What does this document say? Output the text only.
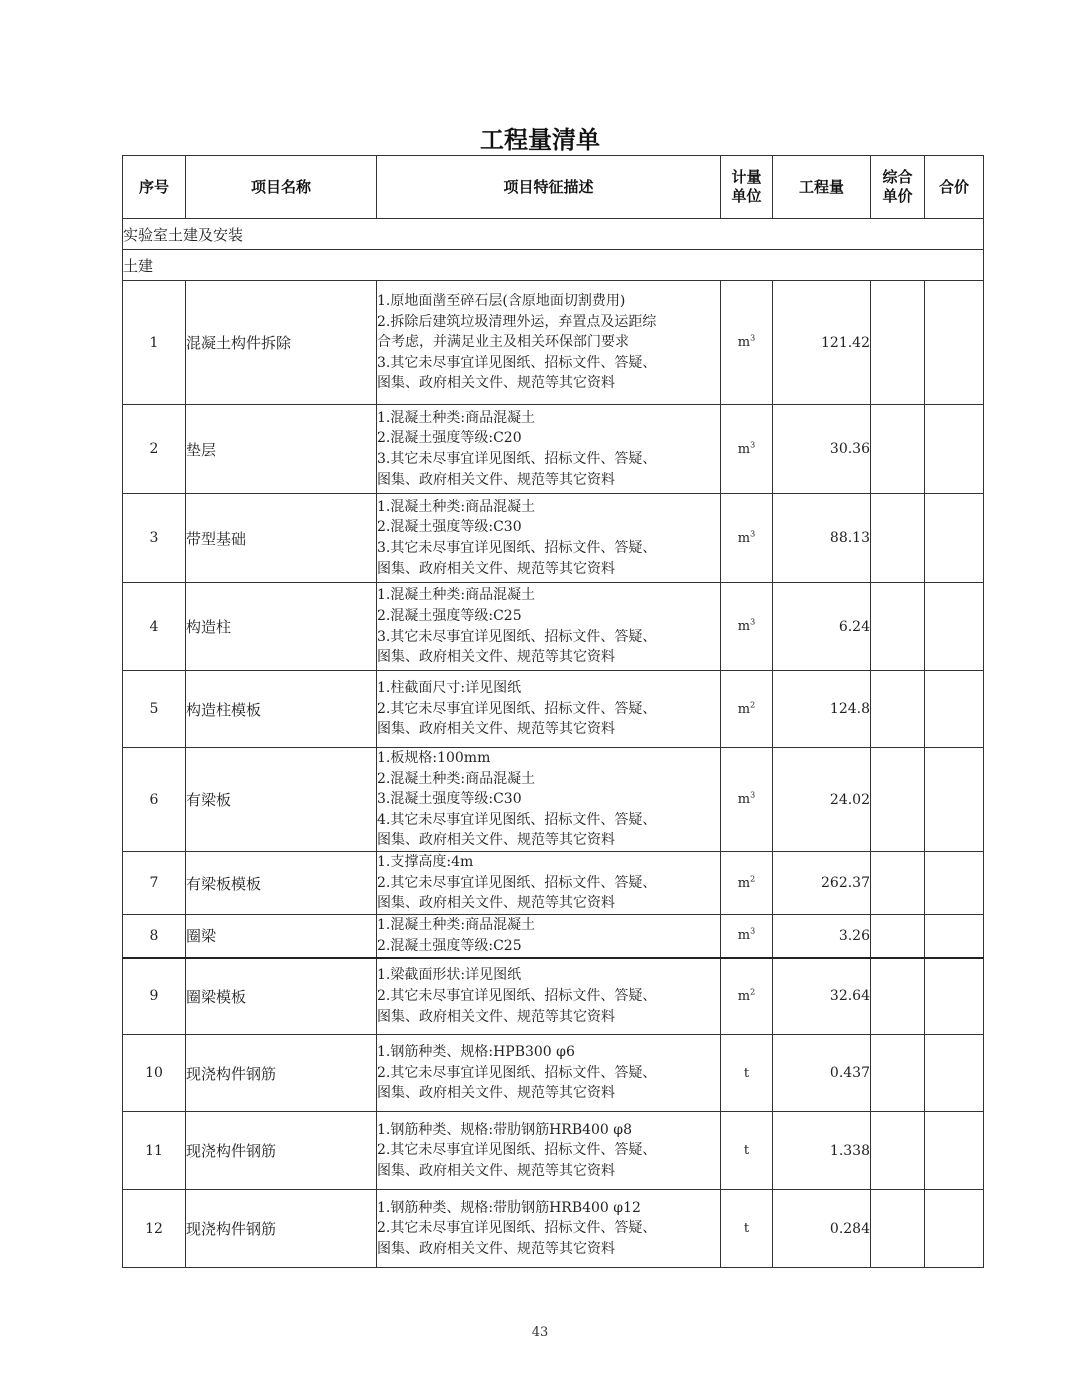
工程量清单
序号	项目名称	项目特征描述	计量
单位	工程量	综合
单价	合价
实验室土建及安装						
土建						
1	混凝土构件拆除	1.原地面凿至碎石层(含原地面切割费用)
2.拆除后建筑垃圾清理外运，弃置点及运距综
合考虑，并满足业主及相关环保部门要求
3.其它未尽事宜详见图纸、招标文件、答疑、
图集、政府相关文件、规范等其它资料	$m^3$	121.42		
2	垫层	1.混凝土种类:商品混凝土
2.混凝土强度等级:C20
3.其它未尽事宜详见图纸、招标文件、答疑、
图集、政府相关文件、规范等其它资料	$m^3$	30.36		
3	带型基础	1.混凝土种类:商品混凝土
2.混凝土强度等级:C30
3.其它未尽事宜详见图纸、招标文件、答疑、
图集、政府相关文件、规范等其它资料	$m^3$	88.13		
4	构造柱	1.混凝土种类:商品混凝土
2.混凝土强度等级:C25
3.其它未尽事宜详见图纸、招标文件、答疑、
图集、政府相关文件、规范等其它资料	$m^3$	6.24		
5	构造柱模板	1.柱截面尺寸:详见图纸
2.其它未尽事宜详见图纸、招标文件、答疑、
图集、政府相关文件、规范等其它资料	$m^2$	124.8		
6	有梁板	1.板规格:100mm
2.混凝土种类:商品混凝土
3.混凝土强度等级:C30
4.其它未尽事宜详见图纸、招标文件、答疑、
图集、政府相关文件、规范等其它资料	$m^3$	24.02		
7	有梁板模板	1.支撑高度:4m
2.其它未尽事宜详见图纸、招标文件、答疑、
图集、政府相关文件、规范等其它资料	$m^2$	262.37		
8	圈梁	1.混凝土种类:商品混凝土
2.混凝土强度等级:C25	$m^3$	3.26		
9	圈梁模板	1.梁截面形状:详见图纸
2.其它未尽事宜详见图纸、招标文件、答疑、
图集、政府相关文件、规范等其它资料	$m^2$	32.64		
10	现浇构件钢筋	1.钢筋种类、规格:HPB300 φ6
2.其它未尽事宜详见图纸、招标文件、答疑、
图集、政府相关文件、规范等其它资料	t	0.437		
11	现浇构件钢筋	1.钢筋种类、规格:带肋钢筋HRB400 φ8
2.其它未尽事宜详见图纸、招标文件、答疑、
图集、政府相关文件、规范等其它资料	t	1.338		
12	现浇构件钢筋	1.钢筋种类、规格:带肋钢筋HRB400 φ12
2.其它未尽事宜详见图纸、招标文件、答疑、
图集、政府相关文件、规范等其它资料	t	0.284		
43
